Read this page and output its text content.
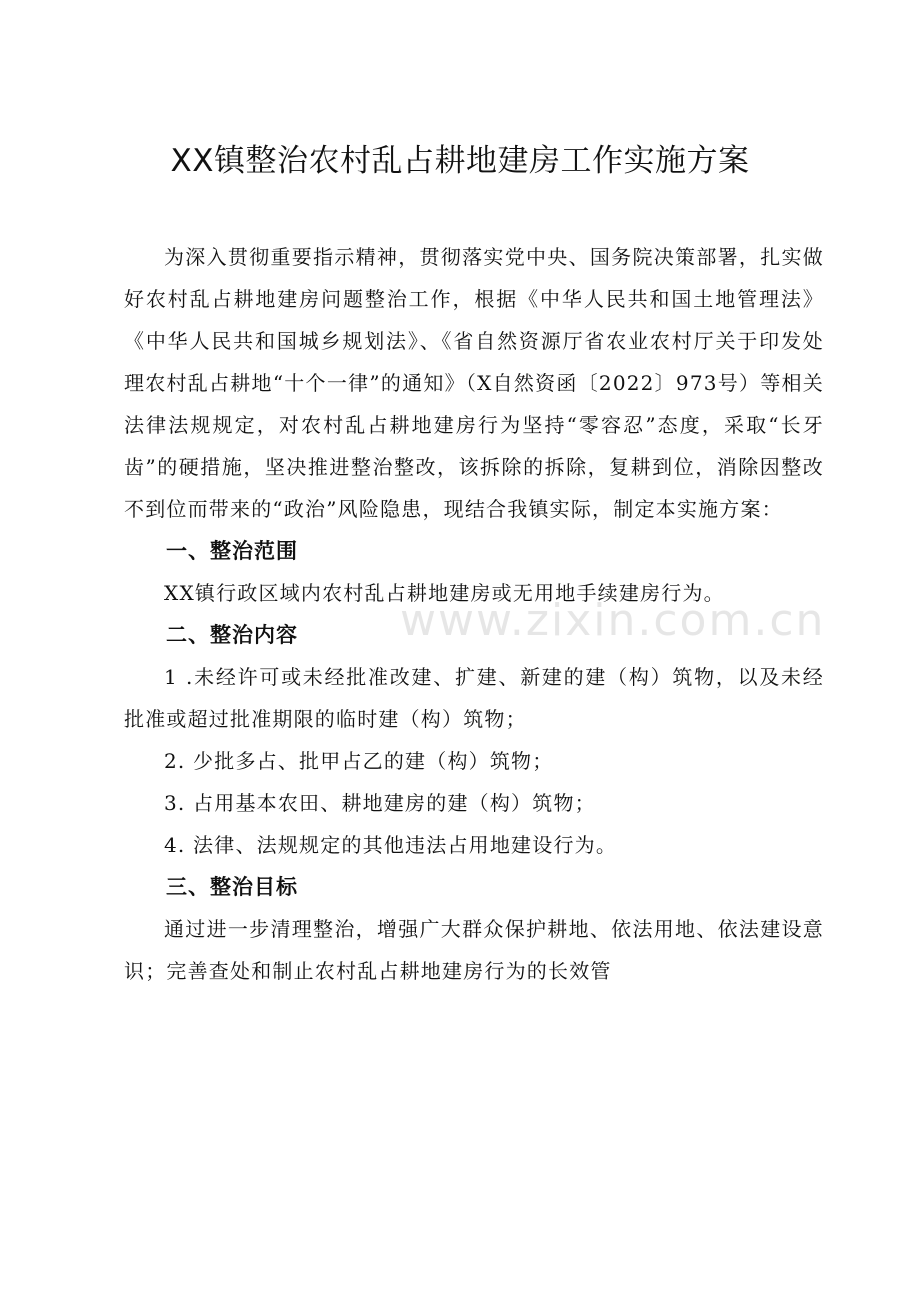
www.zixin.com.cn
XX镇整治农村乱占耕地建房工作实施方案

为深入贯彻重要指示精神，贯彻落实党中央、国务院决策部署，扎实做好农村乱占耕地建房问题整治工作，根据《中华人民共和国土地管理法》《中华人民共和国城乡规划法》、《省自然资源厅省农业农村厅关于印发处理农村乱占耕地“十个一律”的通知》（X自然资函〔2022〕973号）等相关法律法规规定，对农村乱占耕地建房行为坚持“零容忍”态度，采取“长牙齿”的硬措施，坚决推进整治整改，该拆除的拆除，复耕到位，消除因整改不到位而带来的“政治”风险隐患，现结合我镇实际，制定本实施方案：

一、整治范围

XX镇行政区域内农村乱占耕地建房或无用地手续建房行为。

二、整治内容

1 .未经许可或未经批准改建、扩建、新建的建（构）筑物，以及未经批准或超过批准期限的临时建（构）筑物；

2. 少批多占、批甲占乙的建（构）筑物；

3. 占用基本农田、耕地建房的建（构）筑物；

4. 法律、法规规定的其他违法占用地建设行为。

三、整治目标

通过进一步清理整治，增强广大群众保护耕地、依法用地、依法建设意识；完善查处和制止农村乱占耕地建房行为的长效管
